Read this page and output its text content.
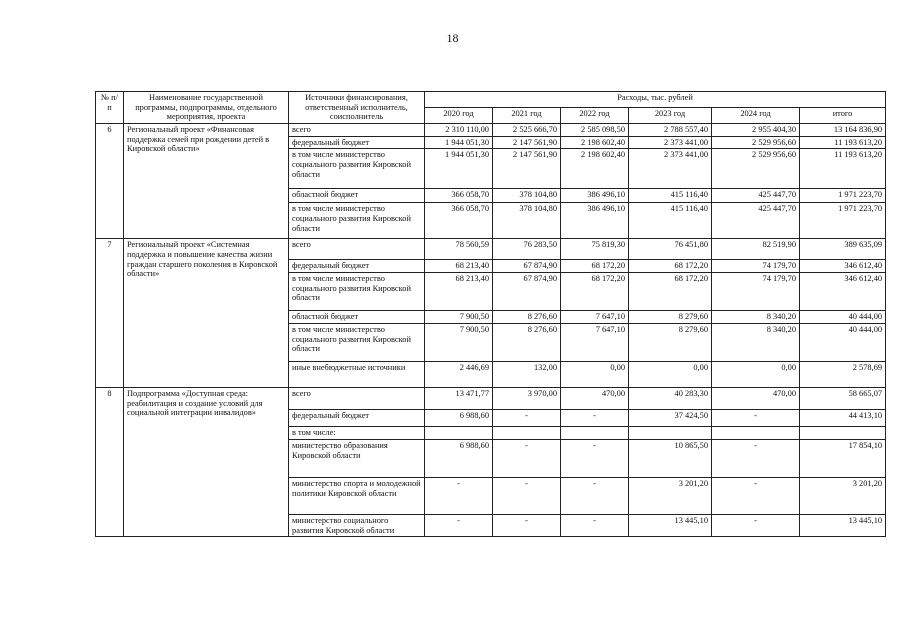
18
№ п/п	Наименование государственной программы, подпрограммы, отдельного мероприятия, проекта	Источники финансирования, ответственный исполнитель, соисполнитель	Расходы, тыс. рублей					
			2020 год	2021 год	2022 год	2023 год	2024 год	итого
6	Региональный проект «Финансовая поддержка семей при рождении детей в Кировской области»	всего	2 310 110,00	2 525 666,70	2 585 098,50	2 788 557,40	2 955 404,30	13 164 836,90
		федеральный бюджет	1 944 051,30	2 147 561,90	2 198 602,40	2 373 441,00	2 529 956,60	11 193 613,20
		в том числе министерство социального развития Кировской области	1 944 051,30	2 147 561,90	2 198 602,40	2 373 441,00	2 529 956,60	11 193 613,20
		областной бюджет	366 058,70	378 104,80	386 496,10	415 116,40	425 447,70	1 971 223,70
		в том числе министерство социального развития Кировской области	366 058,70	378 104,80	386 496,10	415 116,40	425 447,70	1 971 223,70
7	Региональный проект «Системная поддержка и повышение качества жизни граждан старшего поколения в Кировской области»	всего	78 560,59	76 283,50	75 819,30	76 451,80	82 519,90	389 635,09
		федеральный бюджет	68 213,40	67 874,90	68 172,20	68 172,20	74 179,70	346 612,40
		в том числе министерство социального развития Кировской области	68 213,40	67 874,90	68 172,20	68 172,20	74 179,70	346 612,40
		областной бюджет	7 900,50	8 276,60	7 647,10	8 279,60	8 340,20	40 444,00
		в том числе министерство социального развития Кировской области	7 900,50	8 276,60	7 647,10	8 279,60	8 340,20	40 444,00
		иные внебюджетные источники	2 446,69	132,00	0,00	0,00	0,00	2 578,69
8	Подпрограмма «Доступная среда: реабилитация и создание условий для социальной интеграции инвалидов»	всего	13 471,77	3 970,00	470,00	40 283,30	470,00	58 665,07
		федеральный бюджет	6 988,60	-	-	37 424,50	-	44 413,10
		в том числе:						
		министерство образования Кировской области	6 988,60	-	-	10 865,50	-	17 854,10
		министерство спорта и молодежной политики Кировской области	-	-	-	3 201,20	-	3 201,20
		министерство социального развития Кировской области	-	-	-	13 445,10	-	13 445,10
